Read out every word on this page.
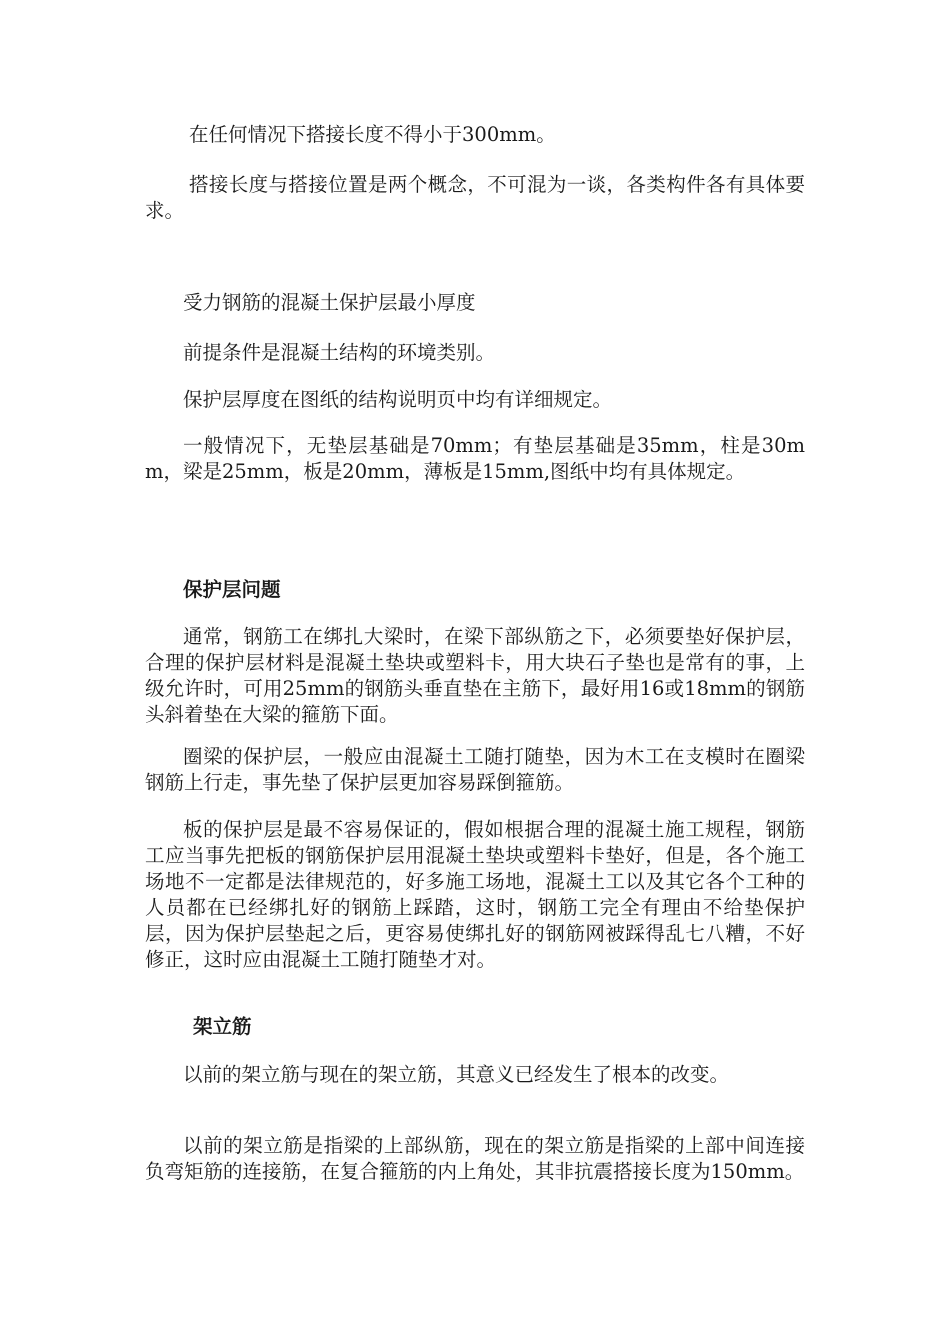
在任何情况下搭接长度不得小于300mm。

搭接长度与搭接位置是两个概念，不可混为一谈，各类构件各有具体要求。

受力钢筋的混凝土保护层最小厚度

前提条件是混凝土结构的环境类别。

保护层厚度在图纸的结构说明页中均有详细规定。

一般情况下，无垫层基础是70mm；有垫层基础是35mm，柱是30mm，梁是25mm，板是20mm，薄板是15mm,图纸中均有具体规定。

保护层问题

通常，钢筋工在绑扎大梁时，在梁下部纵筋之下，必须要垫好保护层，合理的保护层材料是混凝土垫块或塑料卡，用大块石子垫也是常有的事，上级允许时，可用25mm的钢筋头垂直垫在主筋下，最好用16或18mm的钢筋头斜着垫在大梁的箍筋下面。

圈梁的保护层，一般应由混凝土工随打随垫，因为木工在支模时在圈梁钢筋上行走，事先垫了保护层更加容易踩倒箍筋。

板的保护层是最不容易保证的，假如根据合理的混凝土施工规程，钢筋工应当事先把板的钢筋保护层用混凝土垫块或塑料卡垫好，但是，各个施工场地不一定都是法律规范的，好多施工场地，混凝土工以及其它各个工种的人员都在已经绑扎好的钢筋上踩踏，这时，钢筋工完全有理由不给垫保护层，因为保护层垫起之后，更容易使绑扎好的钢筋网被踩得乱七八糟，不好修正，这时应由混凝土工随打随垫才对。

架立筋

以前的架立筋与现在的架立筋，其意义已经发生了根本的改变。

以前的架立筋是指梁的上部纵筋，现在的架立筋是指梁的上部中间连接负弯矩筋的连接筋，在复合箍筋的内上角处，其非抗震搭接长度为150mm。
